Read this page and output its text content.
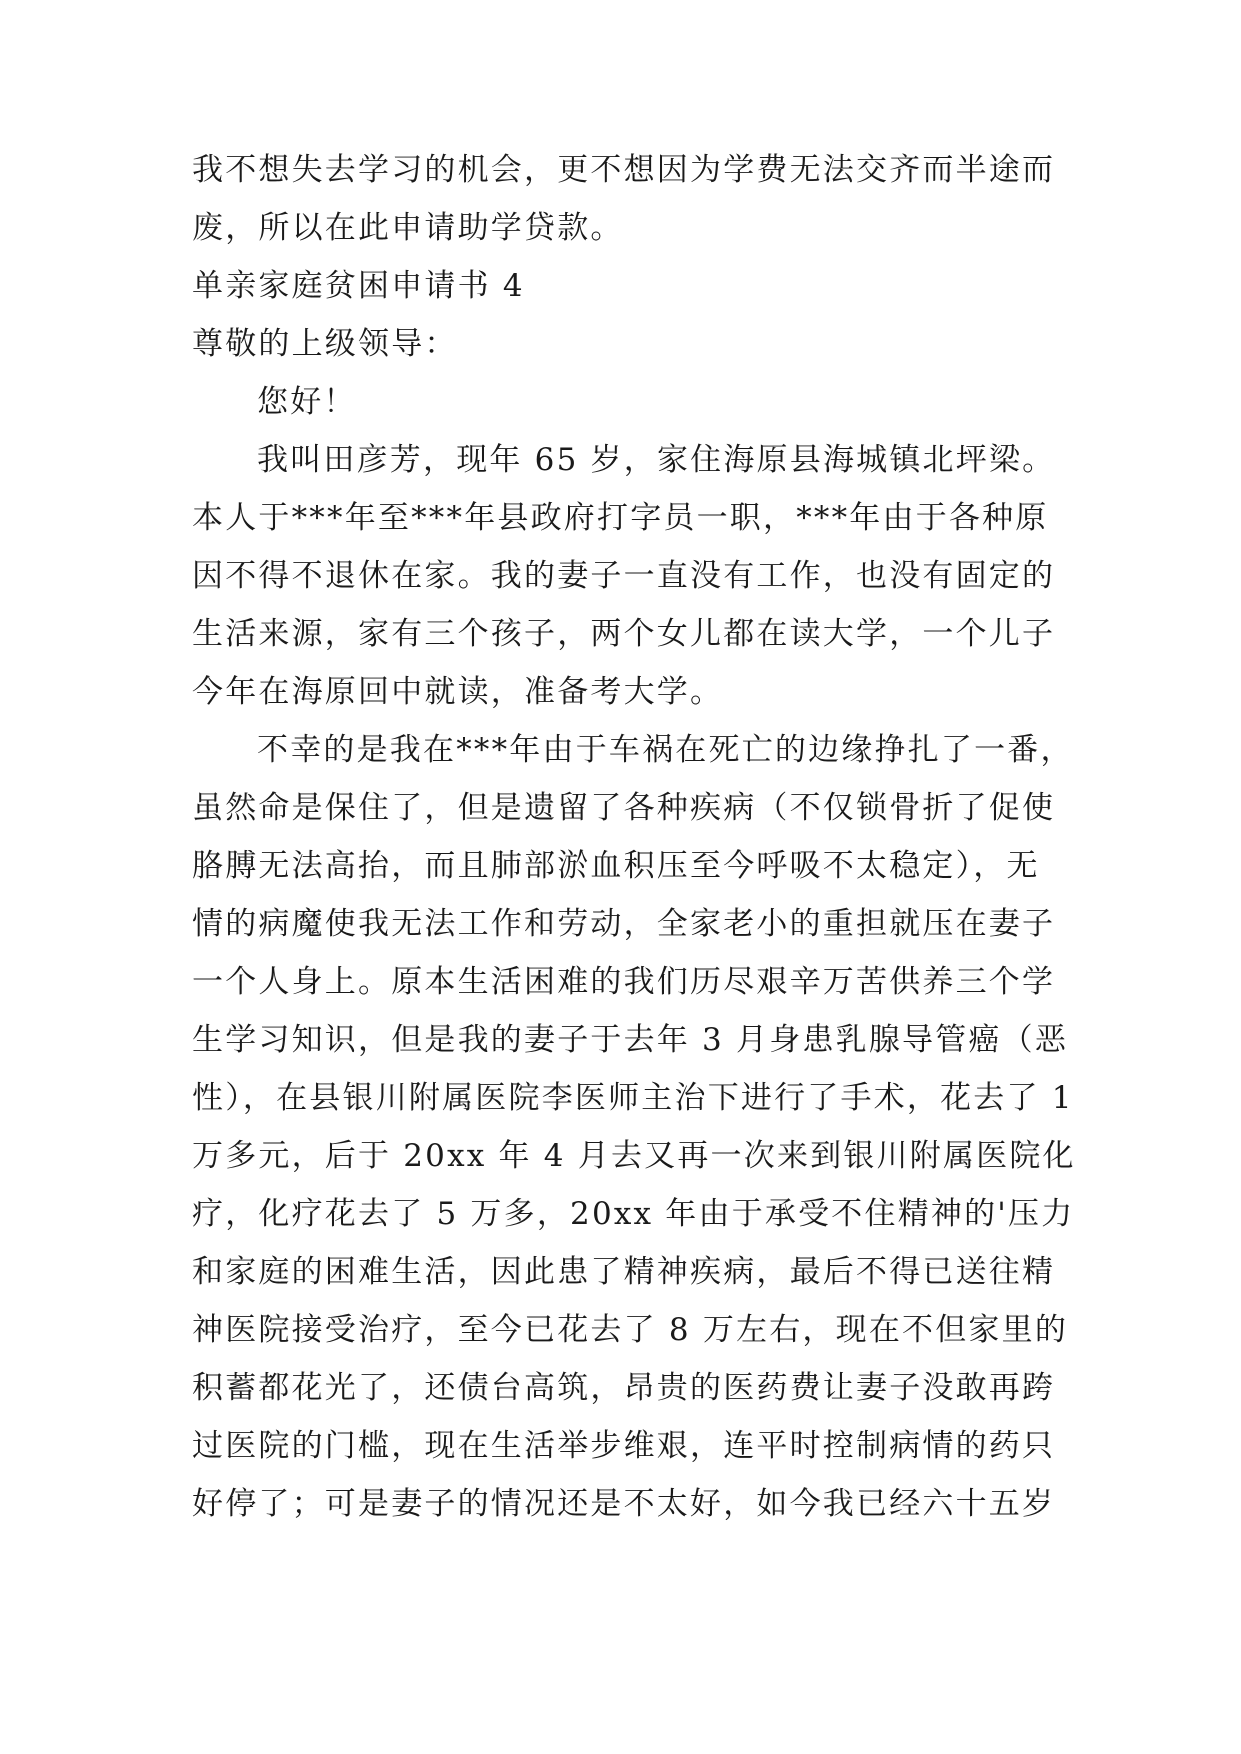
我不想失去学习的机会，更不想因为学费无法交齐而半途而
废，所以在此申请助学贷款。
单亲家庭贫困申请书 4
尊敬的上级领导：
您好！
我叫田彦芳，现年 65 岁，家住海原县海城镇北坪梁。
本人于***年至***年县政府打字员一职，***年由于各种原
因不得不退休在家。我的妻子一直没有工作，也没有固定的
生活来源，家有三个孩子，两个女儿都在读大学，一个儿子
今年在海原回中就读，准备考大学。
不幸的是我在***年由于车祸在死亡的边缘挣扎了一番，
虽然命是保住了，但是遗留了各种疾病（不仅锁骨折了促使
胳膊无法高抬，而且肺部淤血积压至今呼吸不太稳定），无
情的病魔使我无法工作和劳动，全家老小的重担就压在妻子
一个人身上。原本生活困难的我们历尽艰辛万苦供养三个学
生学习知识，但是我的妻子于去年 3 月身患乳腺导管癌（恶
性），在县银川附属医院李医师主治下进行了手术，花去了 1
万多元，后于 20xx 年 4 月去又再一次来到银川附属医院化
疗，化疗花去了 5 万多，20xx 年由于承受不住精神的'压力
和家庭的困难生活，因此患了精神疾病，最后不得已送往精
神医院接受治疗，至今已花去了 8 万左右，现在不但家里的
积蓄都花光了，还债台高筑，昂贵的医药费让妻子没敢再跨
过医院的门槛，现在生活举步维艰，连平时控制病情的药只
好停了；可是妻子的情况还是不太好，如今我已经六十五岁
